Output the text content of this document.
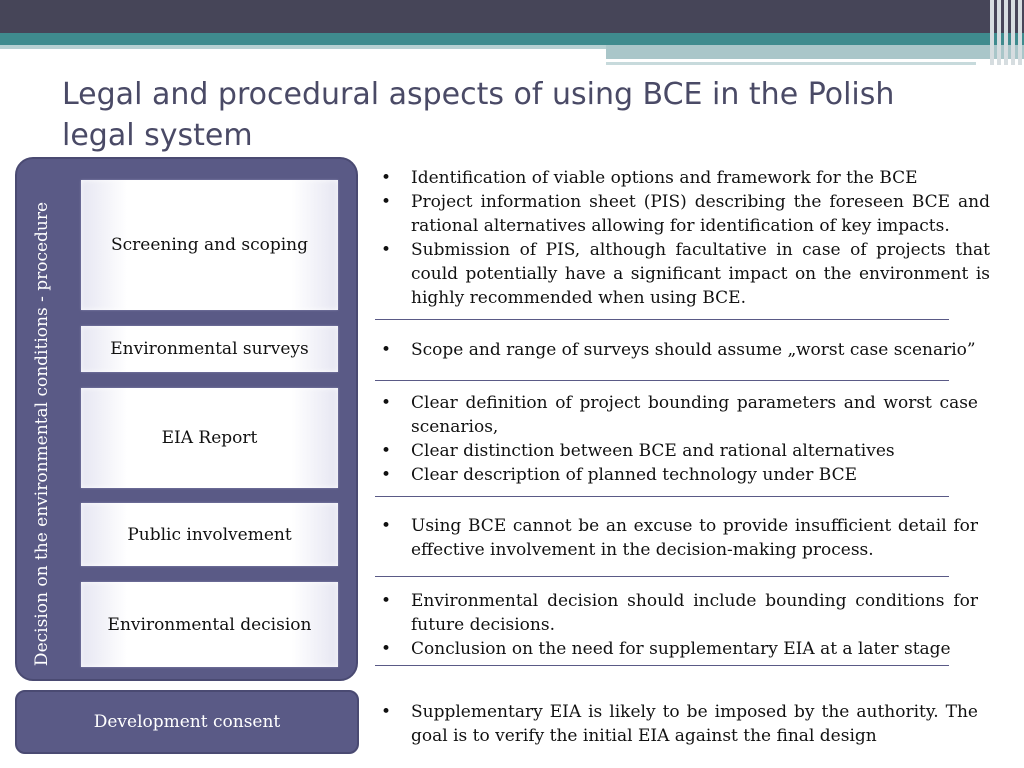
Legal and procedural aspects of using BCE in the Polish legal system
Decision on the environmental conditions - procedure	Screening and scoping
Environmental surveys
EIA Report
Public involvement
Environmental decision
Development consent
• Identification of viable options and framework for the BCE
• Project information sheet (PIS) describing the foreseen BCE and rational alternatives allowing for identification of key impacts.
• Submission of PIS, although facultative in case of projects that could potentially have a significant impact on the environment is highly recommended when using BCE.
• Scope and range of surveys should assume „worst case scenario”
• Clear definition of project bounding parameters and worst case scenarios,
• Clear distinction between BCE and rational alternatives
• Clear description of planned technology under BCE
• Using BCE cannot be an excuse to provide insufficient detail for effective involvement in the decision-making process.
• Environmental decision should include bounding conditions for future decisions.
• Conclusion on the need for supplementary EIA at a later stage
• Supplementary EIA is likely to be imposed by the authority. The goal is to verify the initial EIA against the final design
